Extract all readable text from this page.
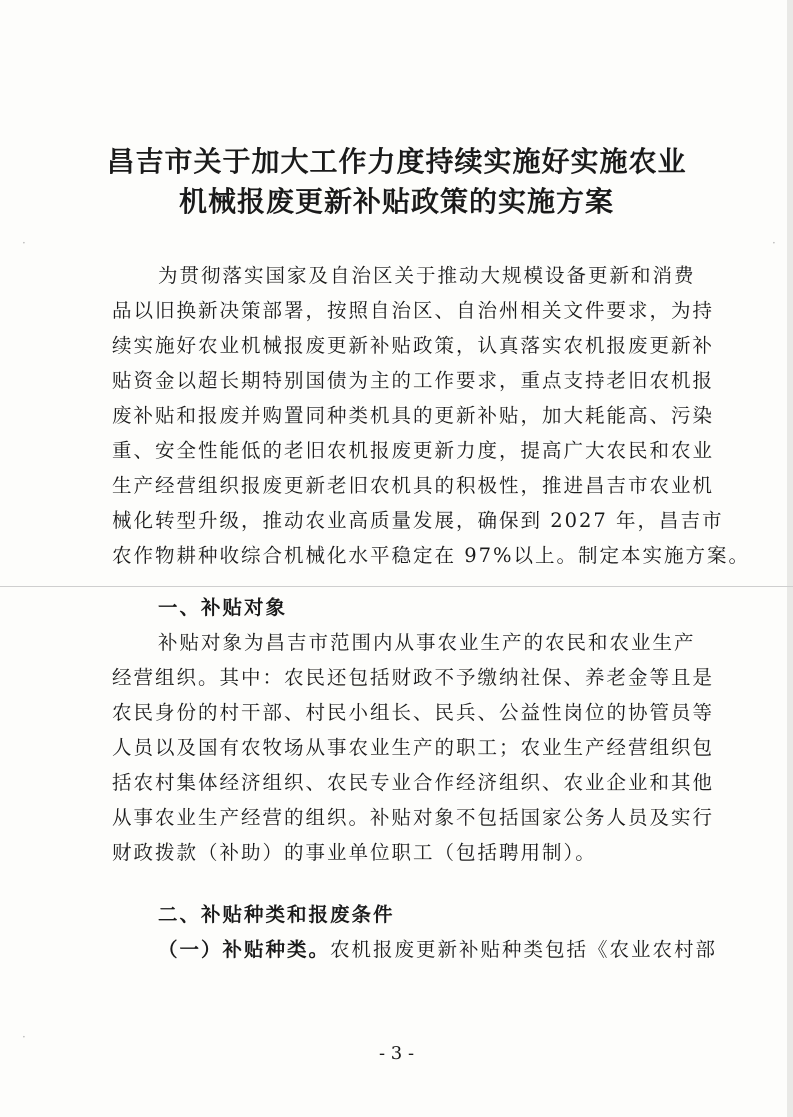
·
·
·
昌吉市关于加大工作力度持续实施好实施农业
机械报废更新补贴政策的实施方案
为贯彻落实国家及自治区关于推动大规模设备更新和消费
品以旧换新决策部署，按照自治区、自治州相关文件要求，为持
续实施好农业机械报废更新补贴政策，认真落实农机报废更新补
贴资金以超长期特别国债为主的工作要求，重点支持老旧农机报
废补贴和报废并购置同种类机具的更新补贴，加大耗能高、污染
重、安全性能低的老旧农机报废更新力度，提高广大农民和农业
生产经营组织报废更新老旧农机具的积极性，推进昌吉市农业机
械化转型升级，推动农业高质量发展，确保到 2027 年，昌吉市
农作物耕种收综合机械化水平稳定在 97%以上。制定本实施方案。
一、补贴对象
补贴对象为昌吉市范围内从事农业生产的农民和农业生产
经营组织。其中：农民还包括财政不予缴纳社保、养老金等且是
农民身份的村干部、村民小组长、民兵、公益性岗位的协管员等
人员以及国有农牧场从事农业生产的职工；农业生产经营组织包
括农村集体经济组织、农民专业合作经济组织、农业企业和其他
从事农业生产经营的组织。补贴对象不包括国家公务人员及实行
财政拨款（补助）的事业单位职工（包括聘用制）。
二、补贴种类和报废条件
（一）补贴种类。农机报废更新补贴种类包括《农业农村部
- 3 -
